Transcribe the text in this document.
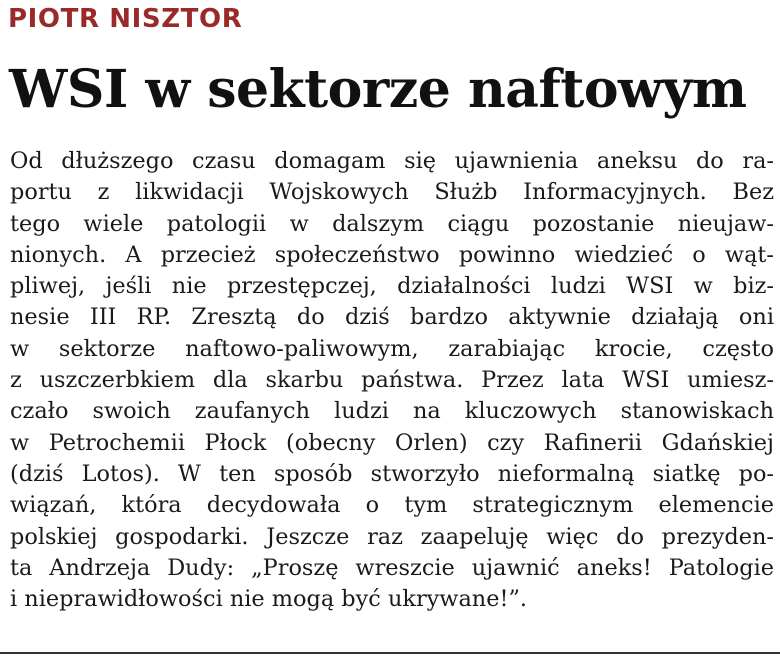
PIOTR NISZTOR
WSI w sektorze naftowym
Od dłuższego czasu domagam się ujawnienia aneksu do ra-
portu z likwidacji Wojskowych Służb Informacyjnych. Bez
tego wiele patologii w dalszym ciągu pozostanie nieujaw-
nionych. A przecież społeczeństwo powinno wiedzieć o wąt-
pliwej, jeśli nie przestępczej, działalności ludzi WSI w biz-
nesie III RP. Zresztą do dziś bardzo aktywnie działają oni
w sektorze naftowo-paliwowym, zarabiając krocie, często
z uszczerbkiem dla skarbu państwa. Przez lata WSI umiesz-
czało swoich zaufanych ludzi na kluczowych stanowiskach
w Petrochemii Płock (obecny Orlen) czy Rafinerii Gdańskiej
(dziś Lotos). W ten sposób stworzyło nieformalną siatkę po-
wiązań, która decydowała o tym strategicznym elemencie
polskiej gospodarki. Jeszcze raz zaapeluję więc do prezyden-
ta Andrzeja Dudy: „Proszę wreszcie ujawnić aneks! Patologie
i nieprawidłowości nie mogą być ukrywane!”.
